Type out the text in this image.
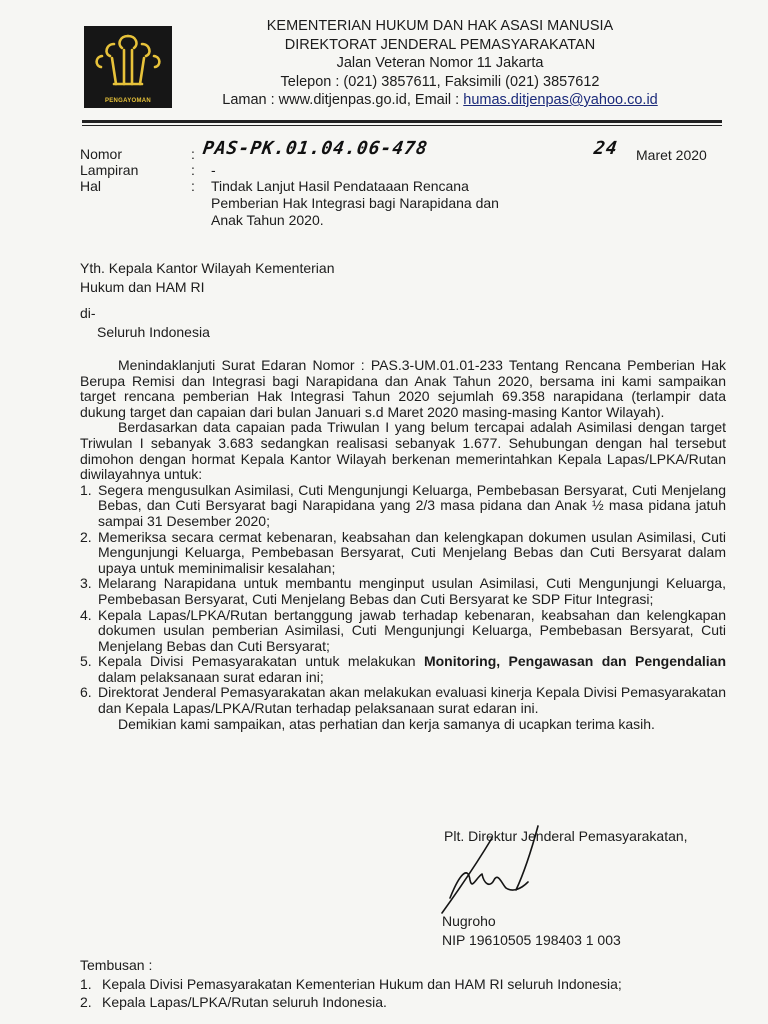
PENGAYOMAN
KEMENTERIAN HUKUM DAN HAK ASASI MANUSIA
DIREKTORAT JENDERAL PEMASYARAKATAN
Jalan Veteran Nomor 11 Jakarta
Telepon : (021) 3857611, Faksimili (021) 3857612
Laman : www.ditjenpas.go.id, Email : humas.ditjenpas@yahoo.co.id
Nomor	: PAS-PK.01.04.06-478	24 Maret 2020
Lampiran	: -
Hal	: Tindak Lanjut Hasil Pendataaan Rencana
Pemberian Hak Integrasi bagi Narapidana dan
Anak Tahun 2020.
Yth. Kepala Kantor Wilayah Kementerian
Hukum dan HAM RI
di-
Seluruh Indonesia
Menindaklanjuti Surat Edaran Nomor : PAS.3-UM.01.01-233 Tentang Rencana Pemberian Hak Berupa Remisi dan Integrasi bagi Narapidana dan Anak Tahun 2020, bersama ini kami sampaikan target rencana pemberian Hak Integrasi Tahun 2020 sejumlah 69.358 narapidana (terlampir data dukung target dan capaian dari bulan Januari s.d Maret 2020 masing-masing Kantor Wilayah).
Berdasarkan data capaian pada Triwulan I yang belum tercapai adalah Asimilasi dengan target Triwulan I sebanyak 3.683 sedangkan realisasi sebanyak 1.677. Sehubungan dengan hal tersebut dimohon dengan hormat Kepala Kantor Wilayah berkenan memerintahkan Kepala Lapas/LPKA/Rutan diwilayahnya untuk:
1. Segera mengusulkan Asimilasi, Cuti Mengunjungi Keluarga, Pembebasan Bersyarat, Cuti Menjelang Bebas, dan Cuti Bersyarat bagi Narapidana yang 2/3 masa pidana dan Anak ½ masa pidana jatuh sampai 31 Desember 2020;
2. Memeriksa secara cermat kebenaran, keabsahan dan kelengkapan dokumen usulan Asimilasi, Cuti Mengunjungi Keluarga, Pembebasan Bersyarat, Cuti Menjelang Bebas dan Cuti Bersyarat dalam upaya untuk meminimalisir kesalahan;
3. Melarang Narapidana untuk membantu menginput usulan Asimilasi, Cuti Mengunjungi Keluarga, Pembebasan Bersyarat, Cuti Menjelang Bebas dan Cuti Bersyarat ke SDP Fitur Integrasi;
4. Kepala Lapas/LPKA/Rutan bertanggung jawab terhadap kebenaran, keabsahan dan kelengkapan dokumen usulan pemberian Asimilasi, Cuti Mengunjungi Keluarga, Pembebasan Bersyarat, Cuti Menjelang Bebas dan Cuti Bersyarat;
5. Kepala Divisi Pemasyarakatan untuk melakukan Monitoring, Pengawasan dan Pengendalian dalam pelaksanaan surat edaran ini;
6. Direktorat Jenderal Pemasyarakatan akan melakukan evaluasi kinerja Kepala Divisi Pemasyarakatan dan Kepala Lapas/LPKA/Rutan terhadap pelaksanaan surat edaran ini.
Demikian kami sampaikan, atas perhatian dan kerja samanya di ucapkan terima kasih.
Plt. Direktur Jenderal Pemasyarakatan,
Nugroho
NIP 19610505 198403 1 003
Tembusan :
1. Kepala Divisi Pemasyarakatan Kementerian Hukum dan HAM RI seluruh Indonesia;
2. Kepala Lapas/LPKA/Rutan seluruh Indonesia.
